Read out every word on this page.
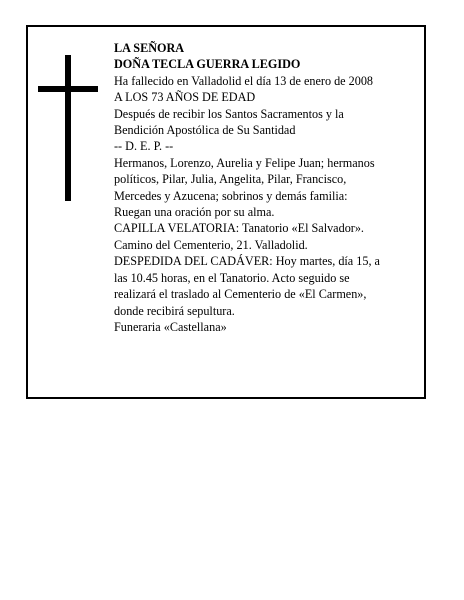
LA SEÑORA
DOÑA TECLA GUERRA LEGIDO
Ha fallecido en Valladolid el día 13 de enero de 2008
A LOS 73 AÑOS DE EDAD
Después de recibir los Santos Sacramentos y la
Bendición Apostólica de Su Santidad
-- D. E. P. --
Hermanos, Lorenzo, Aurelia y Felipe Juan; hermanos
políticos, Pilar, Julia, Angelita, Pilar, Francisco,
Mercedes y Azucena; sobrinos y demás familia:
Ruegan una oración por su alma.
CAPILLA VELATORIA: Tanatorio «El Salvador».
Camino del Cementerio, 21. Valladolid.
DESPEDIDA DEL CADÁVER: Hoy martes, día 15, a
las 10.45 horas, en el Tanatorio. Acto seguido se
realizará el traslado al Cementerio de «El Carmen»,
donde recibirá sepultura.
Funeraria «Castellana»
